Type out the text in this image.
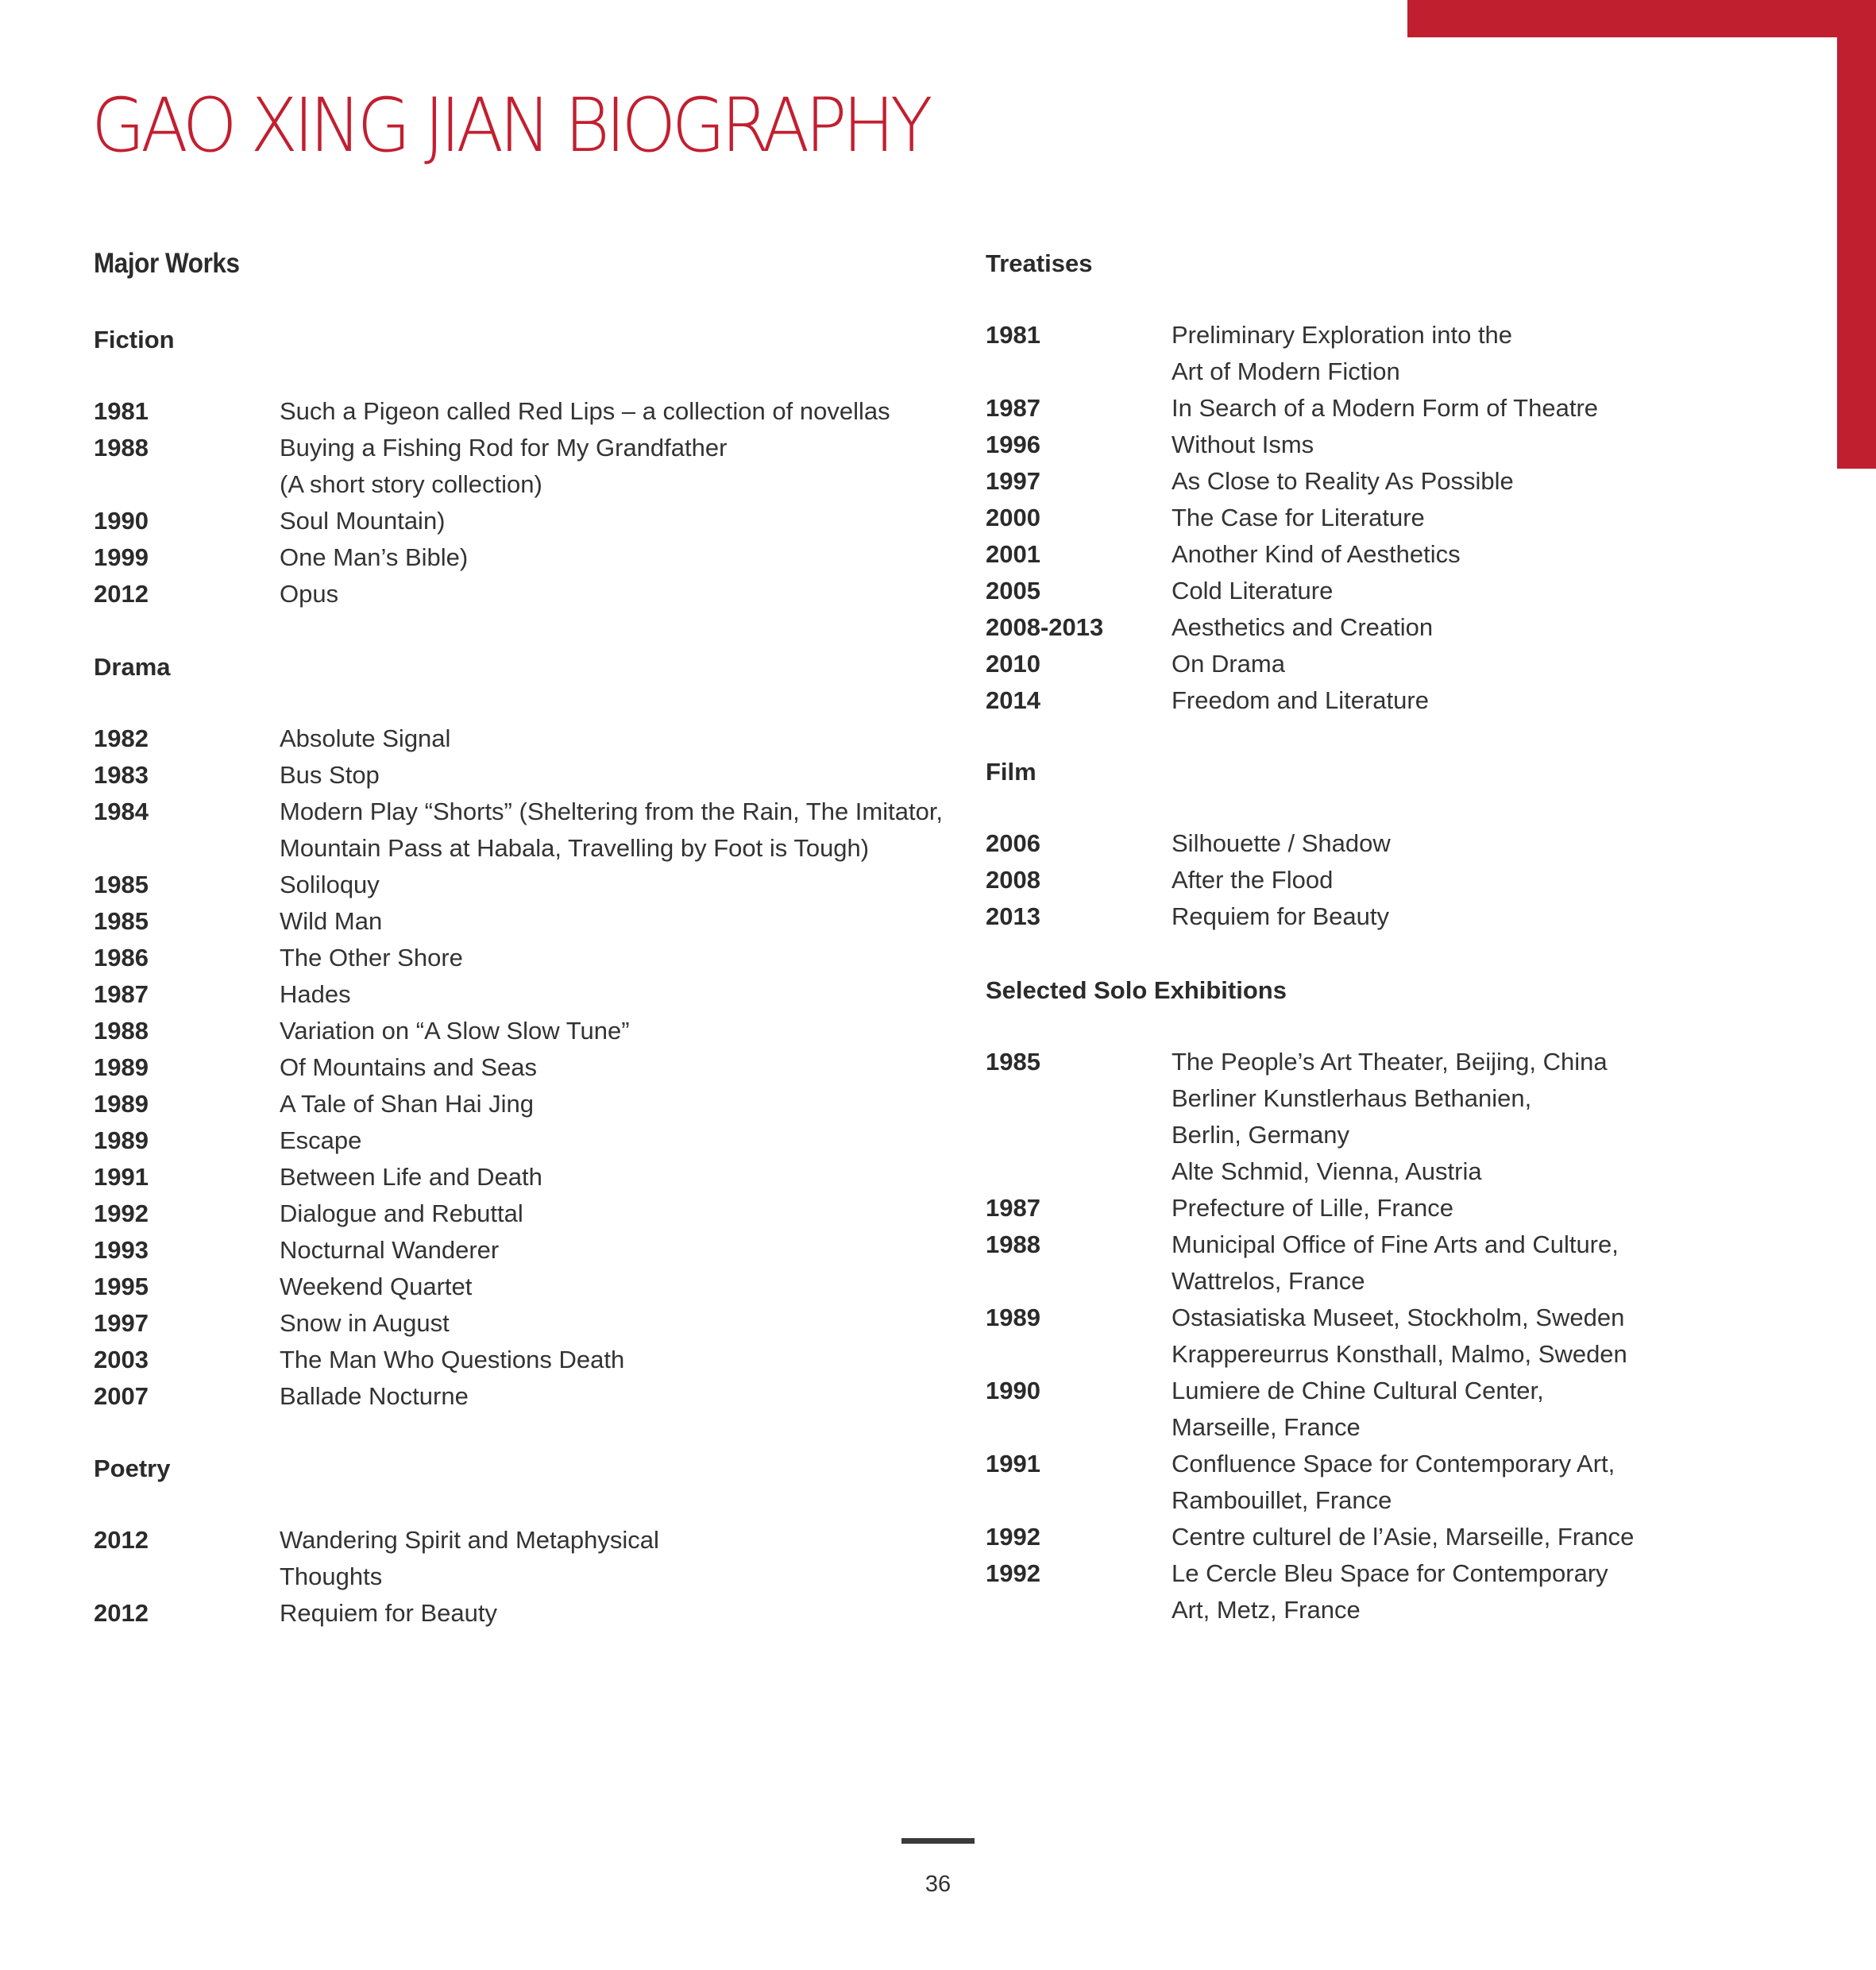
GAO XING JIAN BIOGRAPHY
Major Works
Fiction
1981	Such a Pigeon called Red Lips – a collection of novellas
1988	Buying a Fishing Rod for My Grandfather
(A short story collection)
1990	Soul Mountain)
1999	One Man’s Bible)
2012	Opus
Drama
1982	Absolute Signal
1983	Bus Stop
1984	Modern Play “Shorts” (Sheltering from the Rain, The Imitator,
Mountain Pass at Habala, Travelling by Foot is Tough)
1985	Soliloquy
1985	Wild Man
1986	The Other Shore
1987	Hades
1988	Variation on “A Slow Slow Tune”
1989	Of Mountains and Seas
1989	A Tale of Shan Hai Jing
1989	Escape
1991	Between Life and Death
1992	Dialogue and Rebuttal
1993	Nocturnal Wanderer
1995	Weekend Quartet
1997	Snow in August
2003	The Man Who Questions Death
2007	Ballade Nocturne
Poetry
2012	Wandering Spirit and Metaphysical
Thoughts
2012	Requiem for Beauty
Treatises
1981	Preliminary Exploration into the
Art of Modern Fiction
1987	In Search of a Modern Form of Theatre
1996	Without Isms
1997	As Close to Reality As Possible
2000	The Case for Literature
2001	Another Kind of Aesthetics
2005	Cold Literature
2008-2013	Aesthetics and Creation
2010	On Drama
2014	Freedom and Literature
Film
2006	Silhouette / Shadow
2008	After the Flood
2013	Requiem for Beauty
Selected Solo Exhibitions
1985	The People’s Art Theater, Beijing, China
Berliner Kunstlerhaus Bethanien,
Berlin, Germany
Alte Schmid, Vienna, Austria
1987	Prefecture of Lille, France
1988	Municipal Office of Fine Arts and Culture,
Wattrelos, France
1989	Ostasiatiska Museet, Stockholm, Sweden
Krappereurrus Konsthall, Malmo, Sweden
1990	Lumiere de Chine Cultural Center,
Marseille, France
1991	Confluence Space for Contemporary Art,
Rambouillet, France
1992	Centre culturel de l’Asie, Marseille, France
1992	Le Cercle Bleu Space for Contemporary
Art, Metz, France
36
